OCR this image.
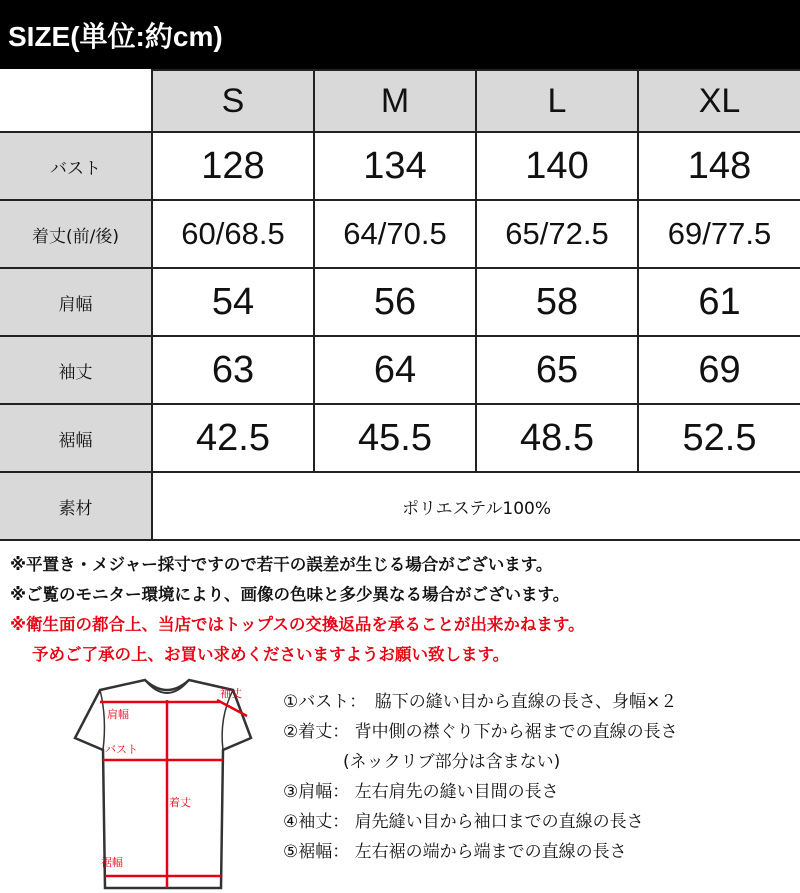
SIZE(単位:約cm)
	S	M	L	XL
バスト	128	134	140	148
着丈(前/後)	60/68.5	64/70.5	65/72.5	69/77.5
肩幅	54	56	58	61
袖丈	63	64	65	69
裾幅	42.5	45.5	48.5	52.5
素材	ポリエステル100%			
※平置き・メジャー採寸ですので若干の誤差が生じる場合がございます。
※ご覧のモニター環境により、画像の色味と多少異なる場合がございます。
※衛生面の都合上、当店ではトップスの交換返品を承ることが出来かねます。
予めご了承の上、お買い求めくださいますようお願い致します。
袖丈
肩幅
バスト
着丈
裾幅
①バスト：　脇下の縫い目から直線の長さ、身幅×２
②着丈： 背中側の襟ぐり下から裾までの直線の長さ
(ネックリブ部分は含まない)
③肩幅： 左右肩先の縫い目間の長さ
④袖丈： 肩先縫い目から袖口までの直線の長さ
⑤裾幅： 左右裾の端から端までの直線の長さ
